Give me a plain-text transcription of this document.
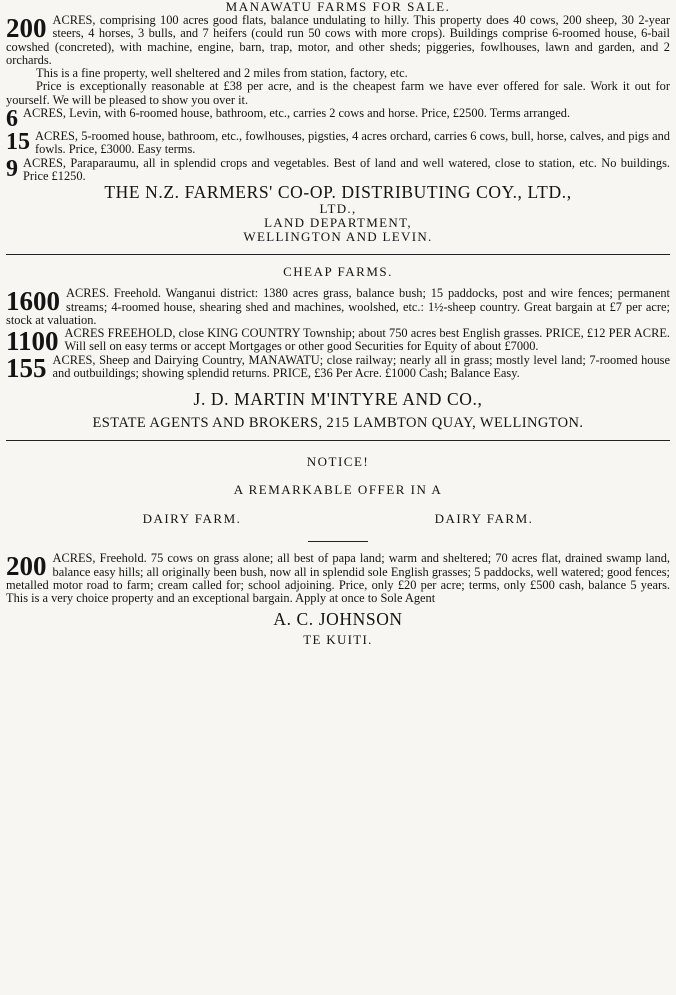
MANAWATU FARMS FOR SALE.

200 ACRES, comprising 100 acres good flats, balance undulating to hilly. This property does 40 cows, 200 sheep, 30 2-year steers, 4 horses, 3 bulls, and 7 heifers (could run 50 cows with more crops). Buildings comprise 6-roomed house, 6-bail cowshed (concreted), with machine, engine, barn, trap, motor, and other sheds; piggeries, fowlhouses, lawn and garden, and 2 orchards.

This is a fine property, well sheltered and 2 miles from station, factory, etc.

Price is exceptionally reasonable at £38 per acre, and is the cheapest farm we have ever offered for sale. Work it out for yourself. We will be pleased to show you over it.

6 ACRES, Levin, with 6-roomed house, bathroom, etc., carries 2 cows and horse. Price, £2500. Terms arranged.

15 ACRES, 5-roomed house, bathroom, etc., fowlhouses, pigsties, 4 acres orchard, carries 6 cows, bull, horse, calves, and pigs and fowls. Price, £3000. Easy terms.

9 ACRES, Paraparaumu, all in splendid crops and vegetables. Best of land and well watered, close to station, etc. No buildings. Price £1250.

THE N.Z. FARMERS' CO-OP. DISTRIBUTING COY., LTD.,

LTD.,

LAND DEPARTMENT,

WELLINGTON AND LEVIN.

CHEAP FARMS.

1600 ACRES. Freehold. Wanganui district: 1380 acres grass, balance bush; 15 paddocks, post and wire fences; permanent streams; 4-roomed house, shearing shed and machines, woolshed, etc.: 1½-sheep country. Great bargain at £7 per acre; stock at valuation.

1100 ACRES FREEHOLD, close KING COUNTRY Township; about 750 acres best English grasses. PRICE, £12 PER ACRE. Will sell on easy terms or accept Mortgages or other good Securities for Equity of about £7000.

155 ACRES, Sheep and Dairying Country, MANAWATU; close railway; nearly all in grass; mostly level land; 7-roomed house and outbuildings; showing splendid returns. PRICE, £36 Per Acre. £1000 Cash; Balance Easy.

J. D. MARTIN M'INTYRE AND CO.,

ESTATE AGENTS AND BROKERS, 215 LAMBTON QUAY, WELLINGTON.

NOTICE!

A REMARKABLE OFFER IN A

DAIRY FARM.	DAIRY FARM.
200 ACRES, Freehold. 75 cows on grass alone; all best of papa land; warm and sheltered; 70 acres flat, drained swamp land, balance easy hills; all originally been bush, now all in splendid sole English grasses; 5 paddocks, well watered; good fences; metalled motor road to farm; cream called for; school adjoining. Price, only £20 per acre; terms, only £500 cash, balance 5 years. This is a very choice property and an exceptional bargain. Apply at once to Sole Agent

A. C. JOHNSON

TE KUITI.
